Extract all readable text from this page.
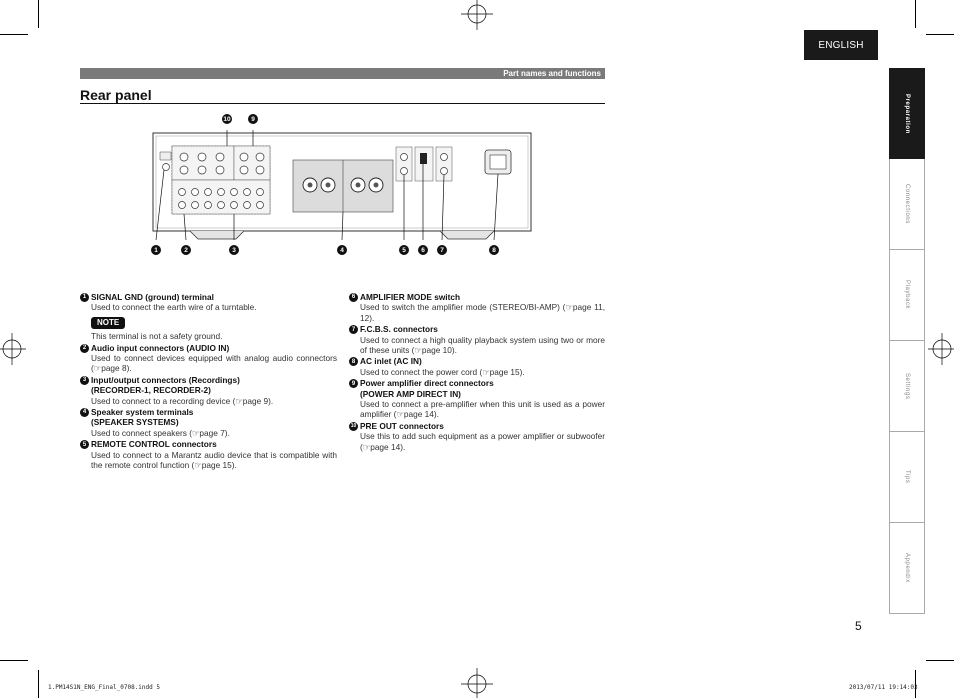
ENGLISH
Part names and functions
Rear panel	Preparation
Connections
Playback
Settings
Tips
Appendix
10	9
1	2	3	4	5	6	7	8
1 SIGNAL GND (ground) terminal
Used to connect the earth wire of a turntable.
NOTE
This terminal is not a safety ground.
2 Audio input connectors (AUDIO IN)
Used to connect devices equipped with analog audio connectors (☞page 8).
3 Input/output connectors (Recordings)
(RECORDER-1, RECORDER-2)
Used to connect to a recording device (☞page 9).
4 Speaker system terminals
(SPEAKER SYSTEMS)
Used to connect speakers (☞page 7).
5 REMOTE CONTROL connectors
Used to connect to a Marantz audio device that is compatible with the remote control function (☞page 15).
6 AMPLIFIER MODE switch
Used to switch the amplifier mode (STEREO/BI-AMP) (☞page 11, 12).
7 F.C.B.S. connectors
Used to connect a high quality playback system using two or more of these units (☞page 10).
8 AC inlet (AC IN)
Used to connect the power cord (☞page 15).
9 Power amplifier direct connectors
(POWER AMP DIRECT IN)
Used to connect a pre-amplifier when this unit is used as a power amplifier (☞page 14).
10 PRE OUT connectors
Use this to add such equipment as a power amplifier or subwoofer (☞page 14).
5
1.PM14S1N_ENG_Final_0708.indd 5	2013/07/11 19:14:03
